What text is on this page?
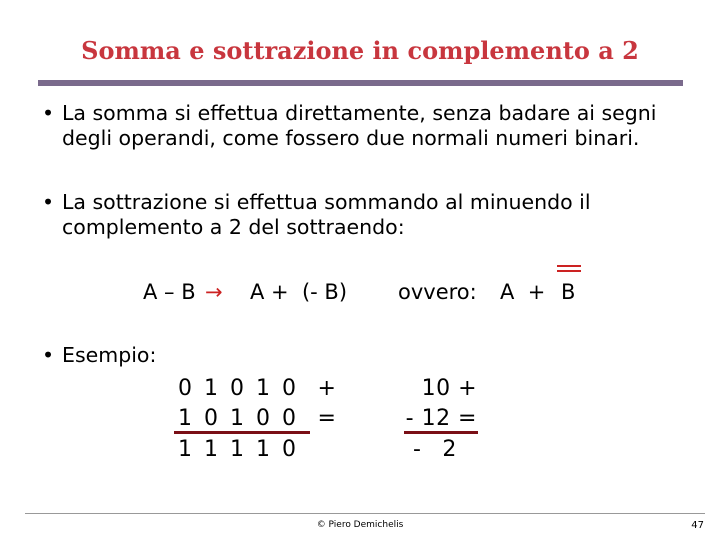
Somma e sottrazione in complemento a 2
• La somma si effettua direttamente, senza badare ai segni degli operandi, come fossero due normali numeri binari.
• La sottrazione si effettua sommando al minuendo il complemento a 2 del sottraendo:
A – B → A +  (- B) ovvero: A  + B
• Esempio:
0 1 0 1 0  +
1 0 1 0 0  =
1 1 1 1 0
10 +
- 12 =
-  2
© Piero Demichelis	47
